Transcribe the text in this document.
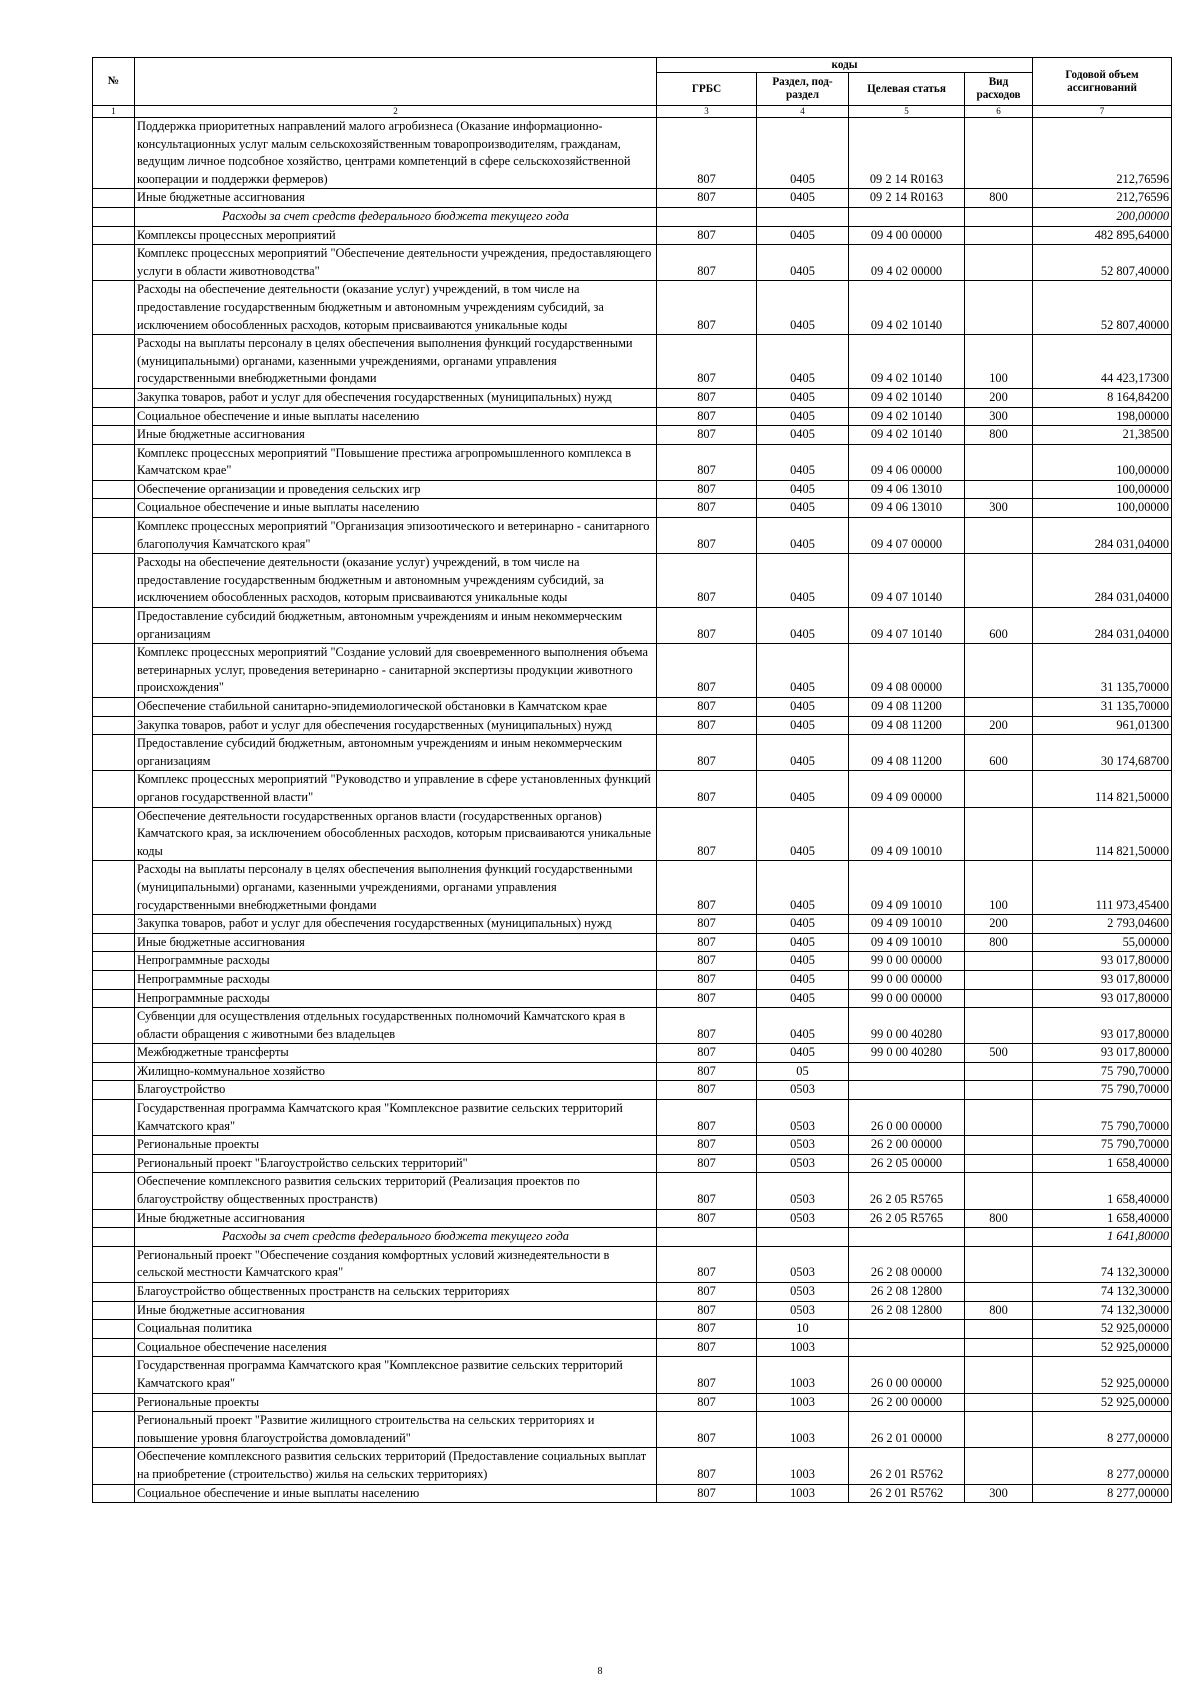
№		коды				Годовой объем ассигнований
		ГРБС	Раздел, под-раздел	Целевая статья	Вид расходов	
1	2	3	4	5	6	7
	Поддержка приоритетных направлений малого агробизнеса (Оказание информационно-консультационных услуг малым сельскохозяйственным товаропроизводителям, гражданам, ведущим личное подсобное хозяйство, центрами компетенций в сфере сельскохозяйственной кооперации и поддержки фермеров)	807	0405	09 2 14 R0163		212,76596
	Иные бюджетные ассигнования	807	0405	09 2 14 R0163	800	212,76596
	Расходы за счет средств федерального бюджета текущего года					200,00000
	Комплексы процессных мероприятий	807	0405	09 4 00 00000		482 895,64000
	Комплекс процессных мероприятий "Обеспечение деятельности учреждения, предоставляющего услуги в области животноводства"	807	0405	09 4 02 00000		52 807,40000
	Расходы на обеспечение деятельности (оказание услуг) учреждений, в том числе на предоставление государственным бюджетным и автономным учреждениям субсидий, за исключением обособленных расходов, которым присваиваются уникальные коды	807	0405	09 4 02 10140		52 807,40000
	Расходы на выплаты персоналу в целях обеспечения выполнения функций государственными (муниципальными) органами, казенными учреждениями, органами управления государственными внебюджетными фондами	807	0405	09 4 02 10140	100	44 423,17300
	Закупка товаров, работ и услуг для обеспечения государственных (муниципальных) нужд	807	0405	09 4 02 10140	200	8 164,84200
	Социальное обеспечение и иные выплаты населению	807	0405	09 4 02 10140	300	198,00000
	Иные бюджетные ассигнования	807	0405	09 4 02 10140	800	21,38500
	Комплекс процессных мероприятий "Повышение престижа агропромышленного комплекса в Камчатском крае"	807	0405	09 4 06 00000		100,00000
	Обеспечение организации и проведения сельских игр	807	0405	09 4 06 13010		100,00000
	Социальное обеспечение и иные выплаты населению	807	0405	09 4 06 13010	300	100,00000
	Комплекс процессных мероприятий "Организация эпизоотического и ветеринарно - санитарного благополучия Камчатского края"	807	0405	09 4 07 00000		284 031,04000
	Расходы на обеспечение деятельности (оказание услуг) учреждений, в том числе на предоставление государственным бюджетным и автономным учреждениям субсидий, за исключением обособленных расходов, которым присваиваются уникальные коды	807	0405	09 4 07 10140		284 031,04000
	Предоставление субсидий бюджетным, автономным учреждениям и иным некоммерческим организациям	807	0405	09 4 07 10140	600	284 031,04000
	Комплекс процессных мероприятий "Создание условий для своевременного выполнения объема ветеринарных услуг, проведения ветеринарно - санитарной экспертизы продукции животного происхождения"	807	0405	09 4 08 00000		31 135,70000
	Обеспечение стабильной санитарно-эпидемиологической обстановки в Камчатском крае	807	0405	09 4 08 11200		31 135,70000
	Закупка товаров, работ и услуг для обеспечения государственных (муниципальных) нужд	807	0405	09 4 08 11200	200	961,01300
	Предоставление субсидий бюджетным, автономным учреждениям и иным некоммерческим организациям	807	0405	09 4 08 11200	600	30 174,68700
	Комплекс процессных мероприятий "Руководство и управление в сфере установленных функций органов государственной власти"	807	0405	09 4 09 00000		114 821,50000
	Обеспечение деятельности государственных органов власти (государственных органов) Камчатского края, за исключением обособленных расходов, которым присваиваются уникальные коды	807	0405	09 4 09 10010		114 821,50000
	Расходы на выплаты персоналу в целях обеспечения выполнения функций государственными (муниципальными) органами, казенными учреждениями, органами управления государственными внебюджетными фондами	807	0405	09 4 09 10010	100	111 973,45400
	Закупка товаров, работ и услуг для обеспечения государственных (муниципальных) нужд	807	0405	09 4 09 10010	200	2 793,04600
	Иные бюджетные ассигнования	807	0405	09 4 09 10010	800	55,00000
	Непрограммные расходы	807	0405	99 0 00 00000		93 017,80000
	Непрограммные расходы	807	0405	99 0 00 00000		93 017,80000
	Непрограммные расходы	807	0405	99 0 00 00000		93 017,80000
	Субвенции для осуществления отдельных государственных полномочий Камчатского края в области обращения с животными без владельцев	807	0405	99 0 00 40280		93 017,80000
	Межбюджетные трансферты	807	0405	99 0 00 40280	500	93 017,80000
	Жилищно-коммунальное хозяйство	807	05			75 790,70000
	Благоустройство	807	0503			75 790,70000
	Государственная программа Камчатского края "Комплексное развитие сельских территорий Камчатского края"	807	0503	26 0 00 00000		75 790,70000
	Региональные проекты	807	0503	26 2 00 00000		75 790,70000
	Региональный проект "Благоустройство сельских территорий"	807	0503	26 2 05 00000		1 658,40000
	Обеспечение комплексного развития сельских территорий (Реализация проектов по благоустройству общественных пространств)	807	0503	26 2 05 R5765		1 658,40000
	Иные бюджетные ассигнования	807	0503	26 2 05 R5765	800	1 658,40000
	Расходы за счет средств федерального бюджета текущего года					1 641,80000
	Региональный проект "Обеспечение создания комфортных условий жизнедеятельности в сельской местности Камчатского края"	807	0503	26 2 08 00000		74 132,30000
	Благоустройство общественных пространств на сельских территориях	807	0503	26 2 08 12800		74 132,30000
	Иные бюджетные ассигнования	807	0503	26 2 08 12800	800	74 132,30000
	Социальная политика	807	10			52 925,00000
	Социальное обеспечение населения	807	1003			52 925,00000
	Государственная программа Камчатского края "Комплексное развитие сельских территорий Камчатского края"	807	1003	26 0 00 00000		52 925,00000
	Региональные проекты	807	1003	26 2 00 00000		52 925,00000
	Региональный проект "Развитие жилищного строительства на сельских территориях и повышение уровня благоустройства домовладений"	807	1003	26 2 01 00000		8 277,00000
	Обеспечение комплексного развития сельских территорий (Предоставление социальных выплат на приобретение (строительство) жилья на сельских территориях)	807	1003	26 2 01 R5762		8 277,00000
	Социальное обеспечение и иные выплаты населению	807	1003	26 2 01 R5762	300	8 277,00000
8
